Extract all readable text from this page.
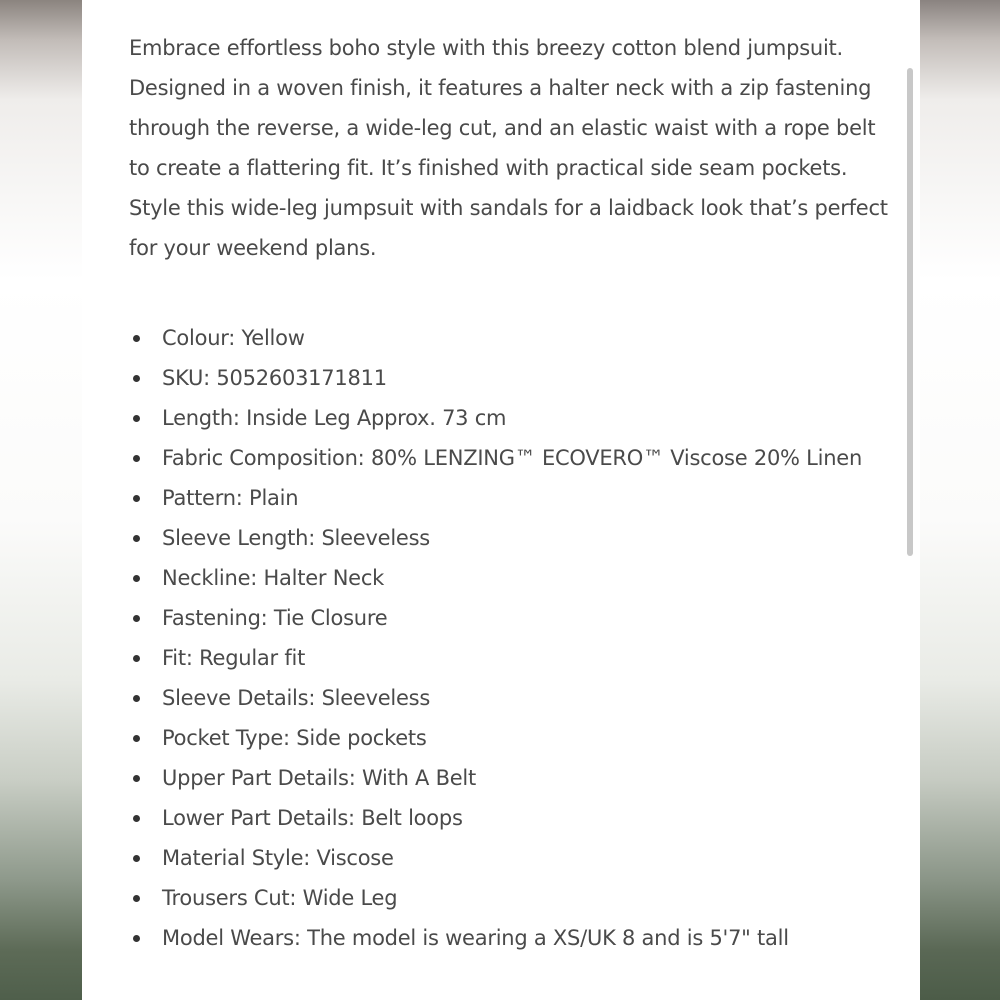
Embrace effortless boho style with this breezy cotton blend jumpsuit. Designed in a woven finish, it features a halter neck with a zip fastening through the reverse, a wide-leg cut, and an elastic waist with a rope belt to create a flattering fit. It’s finished with practical side seam pockets. Style this wide-leg jumpsuit with sandals for a laidback look that’s perfect for your weekend plans.

Colour: Yellow
SKU: 5052603171811
Length: Inside Leg Approx. 73 cm
Fabric Composition: 80% LENZING™ ECOVERO™ Viscose 20% Linen
Pattern: Plain
Sleeve Length: Sleeveless
Neckline: Halter Neck
Fastening: Tie Closure
Fit: Regular fit
Sleeve Details: Sleeveless
Pocket Type: Side pockets
Upper Part Details: With A Belt
Lower Part Details: Belt loops
Material Style: Viscose
Trousers Cut: Wide Leg
Model Wears: The model is wearing a XS/UK 8 and is 5'7" tall
